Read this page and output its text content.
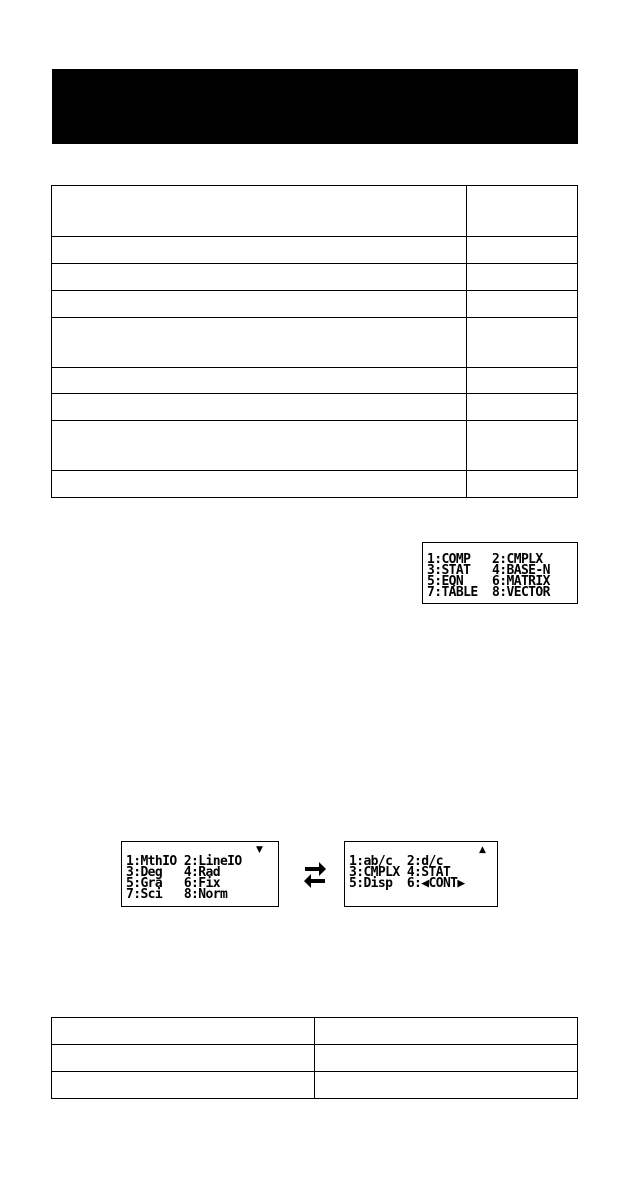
1:COMP   2:CMPLX
3:STAT   4:BASE-N
5:EQN    6:MATRIX
7:TABLE  8:VECTOR
1:MthIO 2:LineIO
3:Deg   4:Rad
5:Gra   6:Fix
7:Sci   8:Norm
▼
1:ab/c  2:d/c
3:CMPLX 4:STAT
5:Disp  6:◀CONT▶
▲
